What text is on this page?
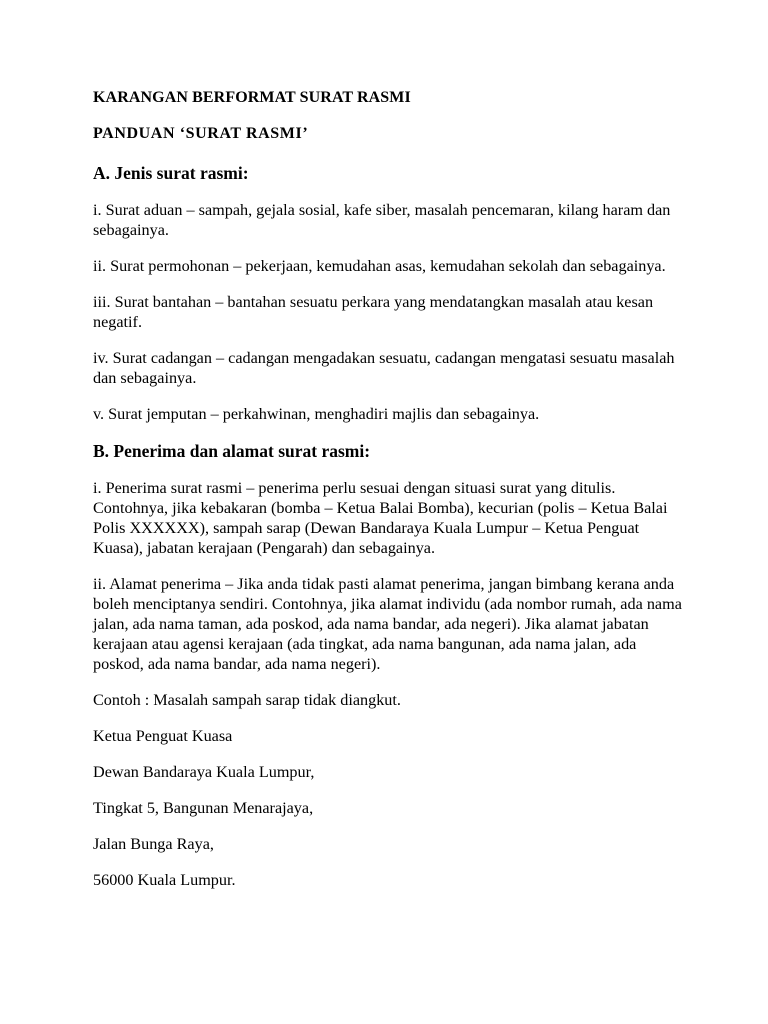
KARANGAN BERFORMAT SURAT RASMI
PANDUAN ‘SURAT RASMI’
A. Jenis surat rasmi:
i. Surat aduan – sampah, gejala sosial, kafe siber, masalah pencemaran, kilang haram dan sebagainya.
ii. Surat permohonan – pekerjaan, kemudahan asas, kemudahan sekolah dan sebagainya.
iii. Surat bantahan – bantahan sesuatu perkara yang mendatangkan masalah atau kesan negatif.
iv. Surat cadangan – cadangan mengadakan sesuatu, cadangan mengatasi sesuatu masalah dan sebagainya.
v. Surat jemputan – perkahwinan, menghadiri majlis dan sebagainya.
B. Penerima dan alamat surat rasmi:
i. Penerima surat rasmi – penerima perlu sesuai dengan situasi surat yang ditulis. Contohnya, jika kebakaran (bomba – Ketua Balai Bomba), kecurian (polis – Ketua Balai Polis XXXXXX), sampah sarap (Dewan Bandaraya Kuala Lumpur – Ketua Penguat Kuasa), jabatan kerajaan (Pengarah) dan sebagainya.
ii. Alamat penerima – Jika anda tidak pasti alamat penerima, jangan bimbang kerana anda boleh menciptanya sendiri. Contohnya, jika alamat individu (ada nombor rumah, ada nama jalan, ada nama taman, ada poskod, ada nama bandar, ada negeri). Jika alamat jabatan kerajaan atau agensi kerajaan (ada tingkat, ada nama bangunan, ada nama jalan, ada poskod, ada nama bandar, ada nama negeri).
Contoh : Masalah sampah sarap tidak diangkut.
Ketua Penguat Kuasa
Dewan Bandaraya Kuala Lumpur,
Tingkat 5, Bangunan Menarajaya,
Jalan Bunga Raya,
56000 Kuala Lumpur.
